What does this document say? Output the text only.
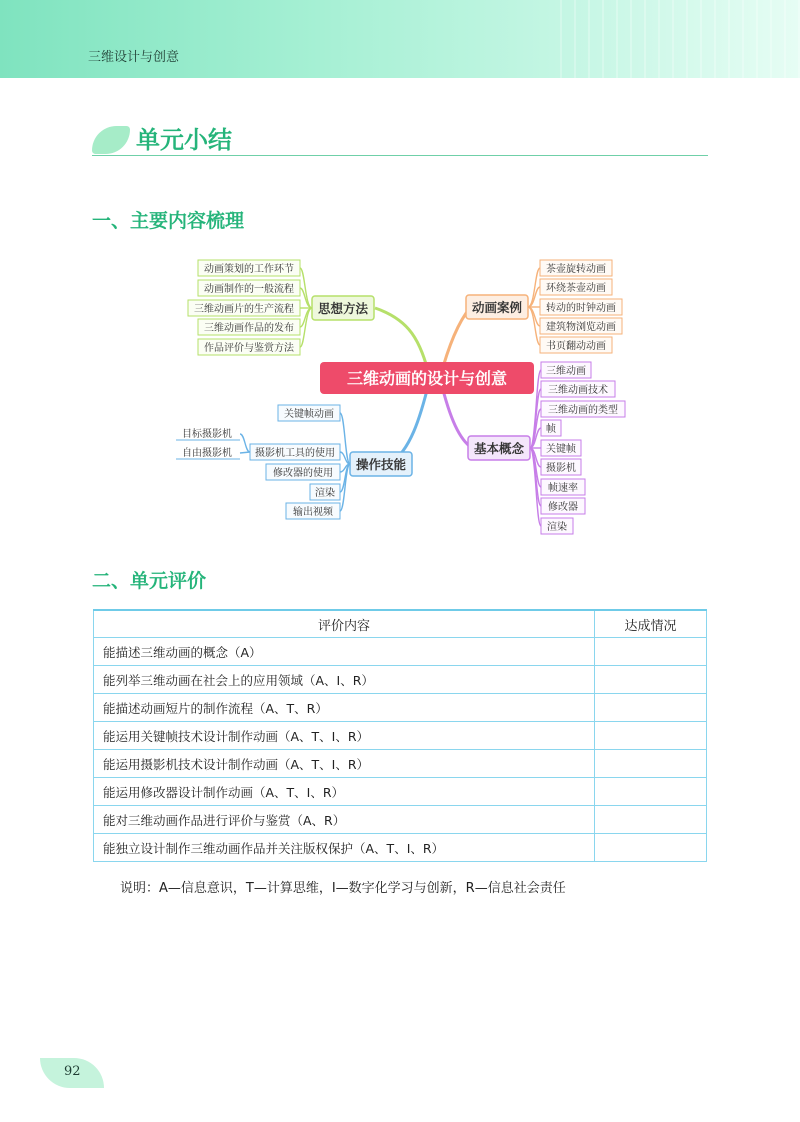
三维设计与创意
单元小结
一、主要内容梳理
三维动画的设计与创意
思想方法	动画案例
操作技能
基本概念
动画策划的工作环节
动画制作的一般流程
三维动画片的生产流程
三维动画作品的发布
作品评价与鉴赏方法
茶壶旋转动画
环绕茶壶动画
转动的时钟动画
建筑物浏览动画
书页翻动动画
关键帧动画
摄影机工具的使用
修改器的使用
渲染
输出视频
目标摄影机
自由摄影机
三维动画
三维动画技术
三维动画的类型
帧
关键帧
摄影机
帧速率
修改器
渲染
二、单元评价
评价内容	达成情况
能描述三维动画的概念（A）	
能列举三维动画在社会上的应用领域（A、I、R）	
能描述动画短片的制作流程（A、T、R）	
能运用关键帧技术设计制作动画（A、T、I、R）	
能运用摄影机技术设计制作动画（A、T、I、R）	
能运用修改器设计制作动画（A、T、I、R）	
能对三维动画作品进行评价与鉴赏（A、R）	
能独立设计制作三维动画作品并关注版权保护（A、T、I、R）	
说明：A—信息意识，T—计算思维，I—数字化学习与创新，R—信息社会责任
92
